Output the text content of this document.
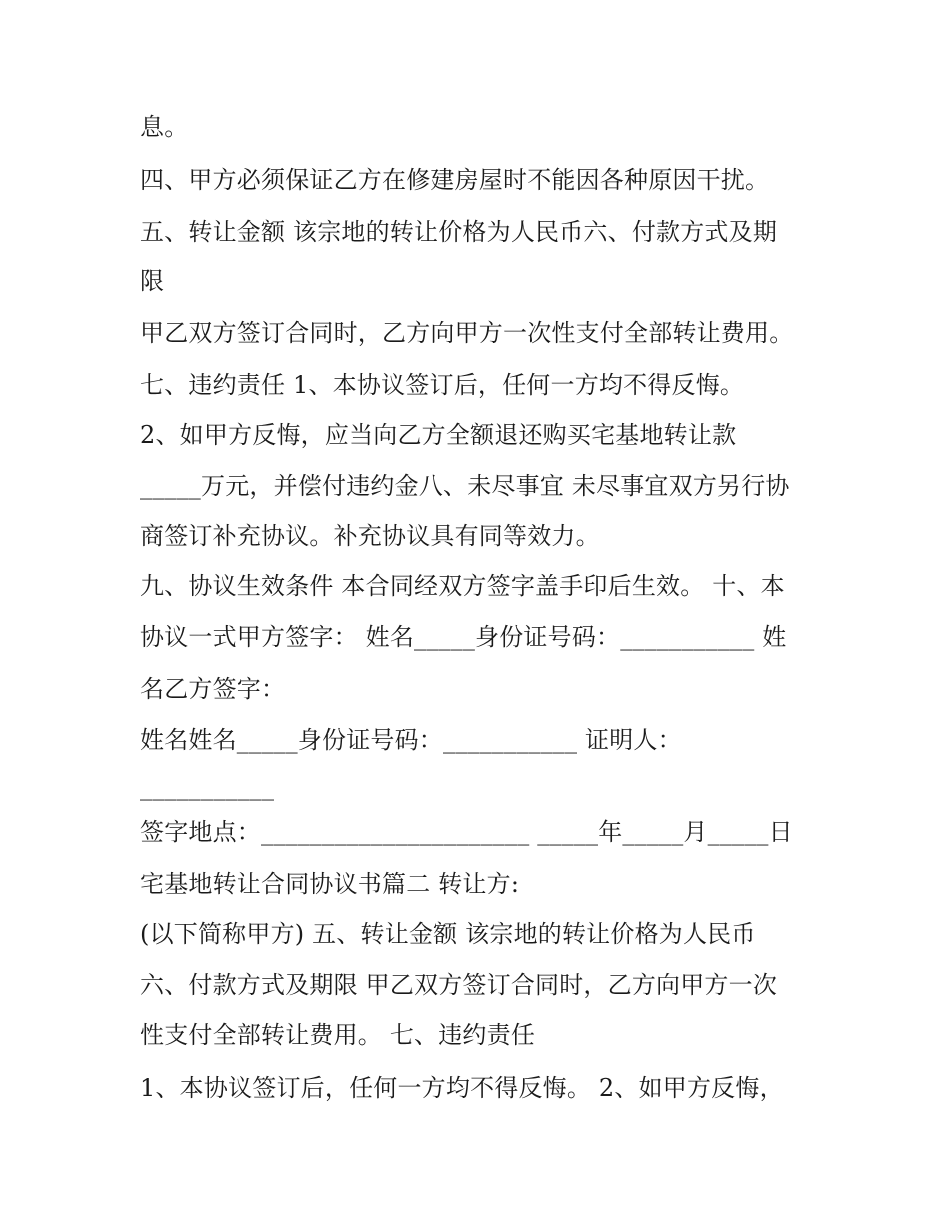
息。
四、甲方必须保证乙方在修建房屋时不能因各种原因干扰。
五、转让金额 该宗地的转让价格为人民币六、付款方式及期
限
甲乙双方签订合同时，乙方向甲方一次性支付全部转让费用。
七、违约责任 1、本协议签订后，任何一方均不得反悔。
2、如甲方反悔，应当向乙方全额退还购买宅基地转让款
_____万元，并偿付违约金八、未尽事宜 未尽事宜双方另行协
商签订补充协议。补充协议具有同等效力。
九、协议生效条件 本合同经双方签字盖手印后生效。 十、本
协议一式甲方签字： 姓名_____身份证号码：___________ 姓
名乙方签字：
姓名姓名_____身份证号码：___________ 证明人：
___________
签字地点：______________________ _____年_____月_____日
宅基地转让合同协议书篇二 转让方:
(以下简称甲方) 五、转让金额 该宗地的转让价格为人民币
六、付款方式及期限 甲乙双方签订合同时，乙方向甲方一次
性支付全部转让费用。 七、违约责任
1、本协议签订后，任何一方均不得反悔。 2、如甲方反悔，
